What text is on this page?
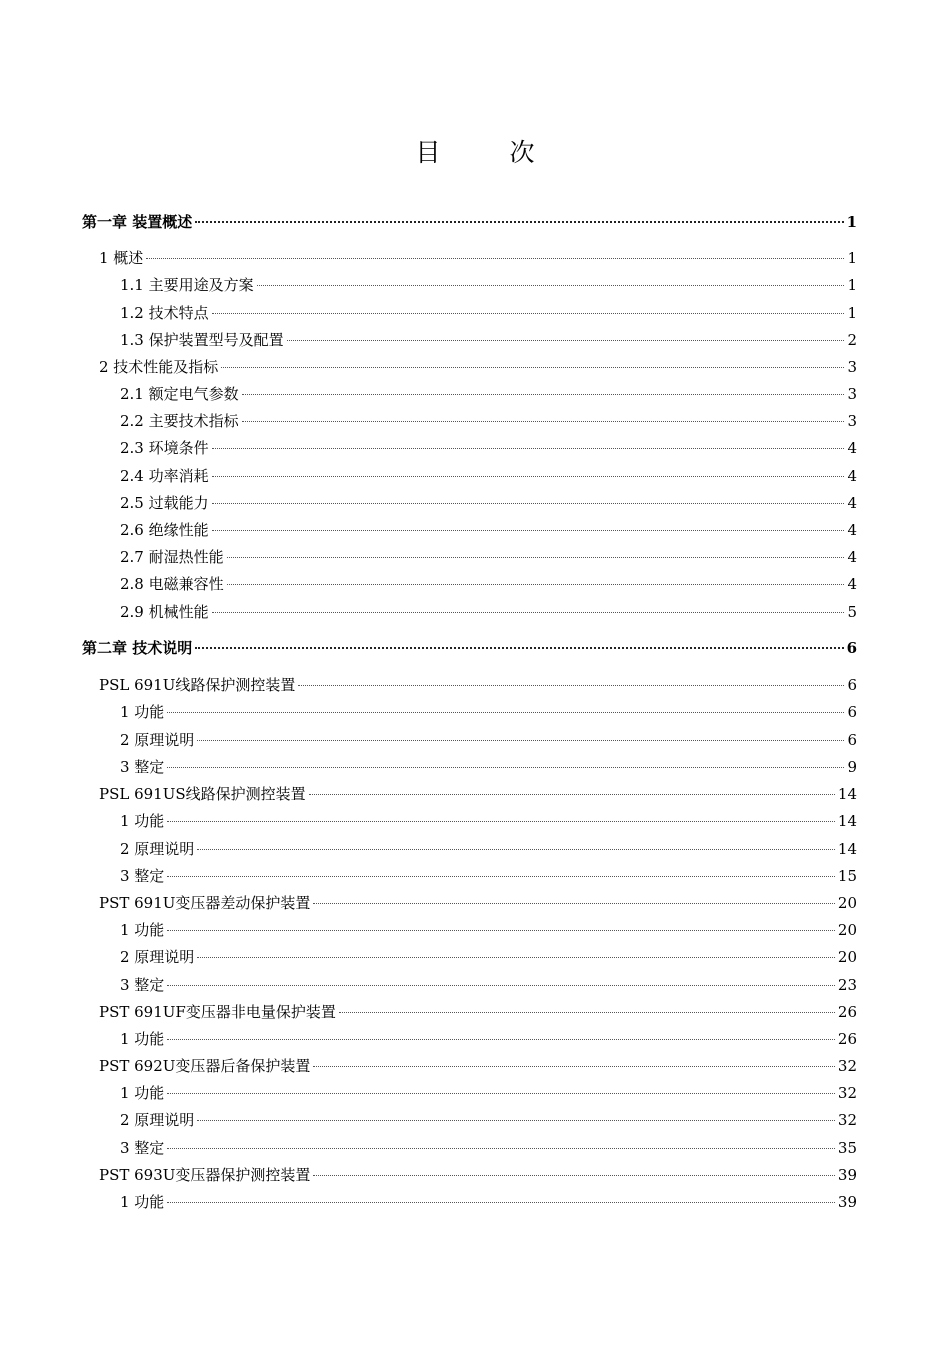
目　次
第一章 装置概述	1
1 概述	1
1.1 主要用途及方案	1
1.2 技术特点	1
1.3 保护装置型号及配置	2
2 技术性能及指标	3
2.1 额定电气参数	3
2.2 主要技术指标	3
2.3 环境条件	4
2.4 功率消耗	4
2.5 过载能力	4
2.6 绝缘性能	4
2.7 耐湿热性能	4
2.8 电磁兼容性	4
2.9 机械性能	5
第二章 技术说明	6
PSL 691U线路保护测控装置	6
1 功能	6
2 原理说明	6
3 整定	9
PSL 691US线路保护测控装置	14
1 功能	14
2 原理说明	14
3 整定	15
PST 691U变压器差动保护装置	20
1 功能	20
2 原理说明	20
3 整定	23
PST 691UF变压器非电量保护装置	26
1 功能	26
PST 692U变压器后备保护装置	32
1 功能	32
2 原理说明	32
3 整定	35
PST 693U变压器保护测控装置	39
1 功能	39
